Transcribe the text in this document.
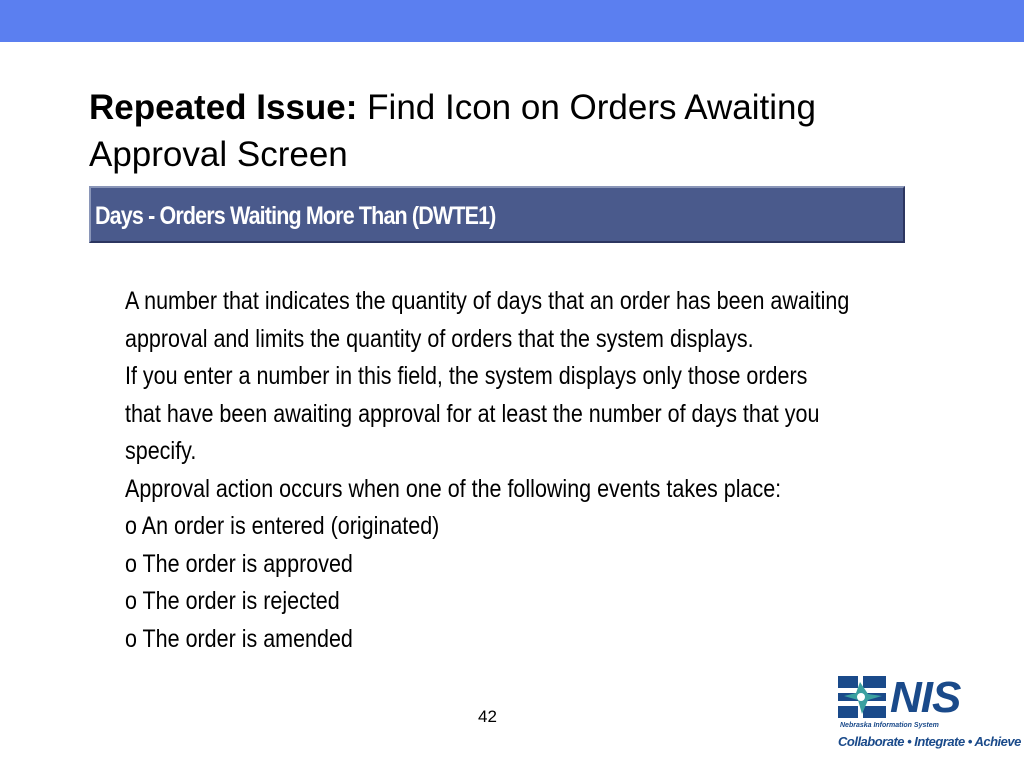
Repeated Issue: Find Icon on Orders Awaiting Approval Screen
Days - Orders Waiting More Than (DWTE1)
A number that indicates the quantity of days that an order has been awaiting
approval and limits the quantity of orders that the system displays.
If you enter a number in this field, the system displays only those orders
that have been awaiting approval for at least the number of days that you
specify.
Approval action occurs when one of the following events takes place:
o An order is entered (originated)
o The order is approved
o The order is rejected
o The order is amended
42	NIS
Nebraska Information System
Collaborate • Integrate • Achieve
